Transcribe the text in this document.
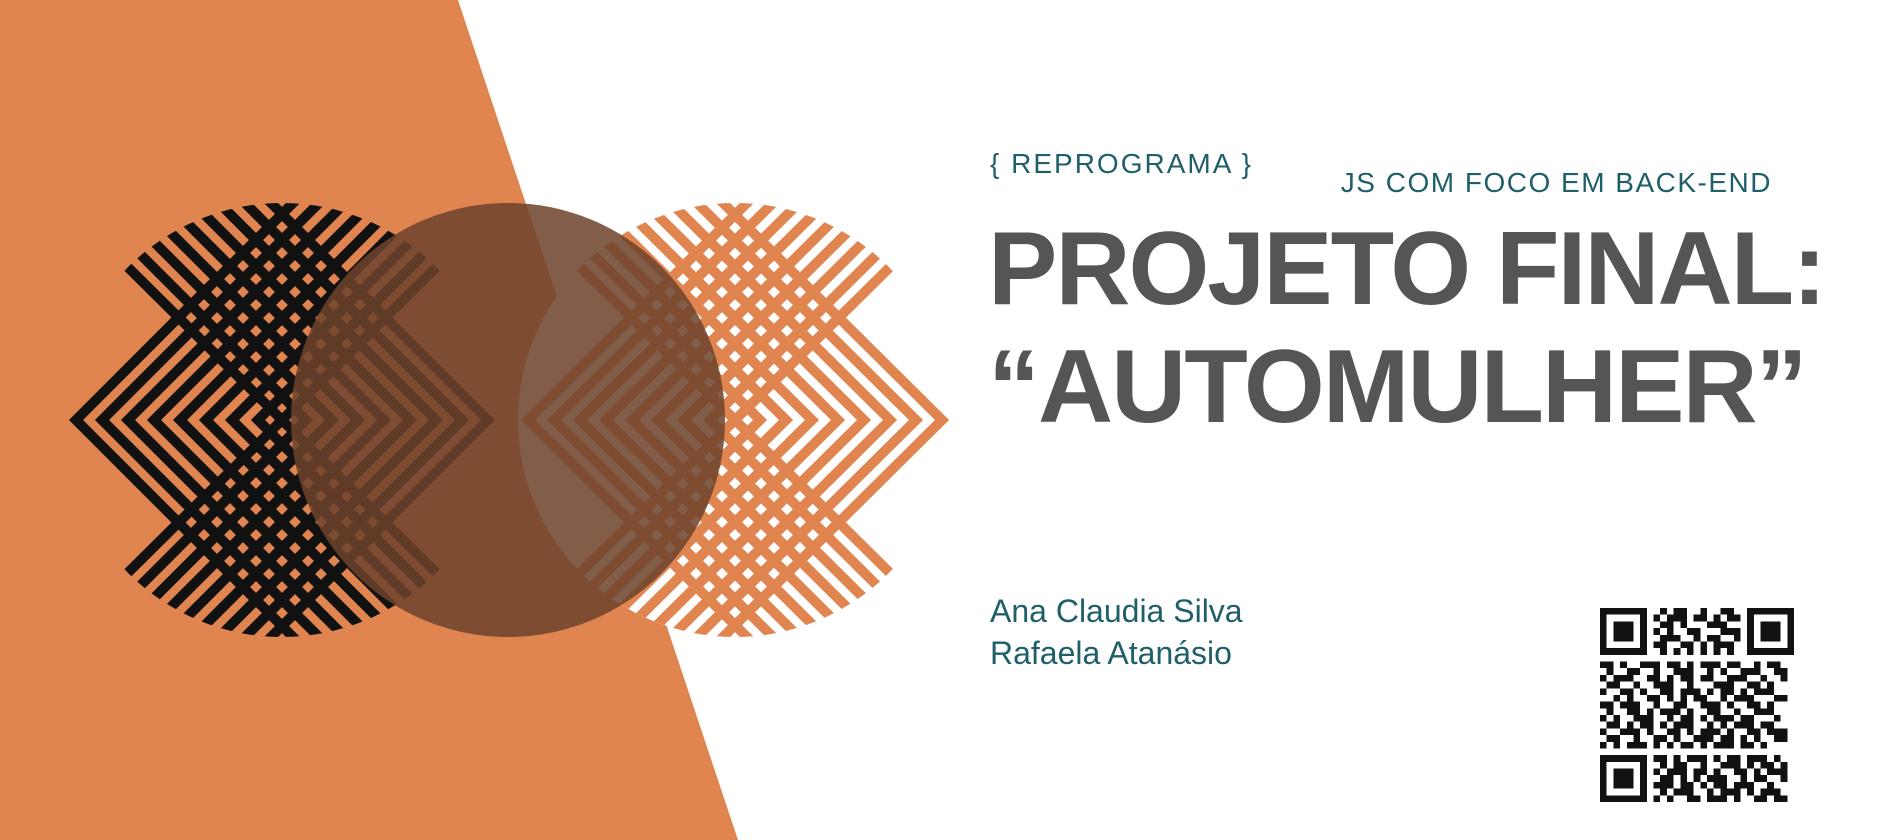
{ REPROGRAMA }
JS COM FOCO EM BACK-END
PROJETO FINAL:
“AUTOMULHER”
Ana Claudia Silva
Rafaela Atanásio
